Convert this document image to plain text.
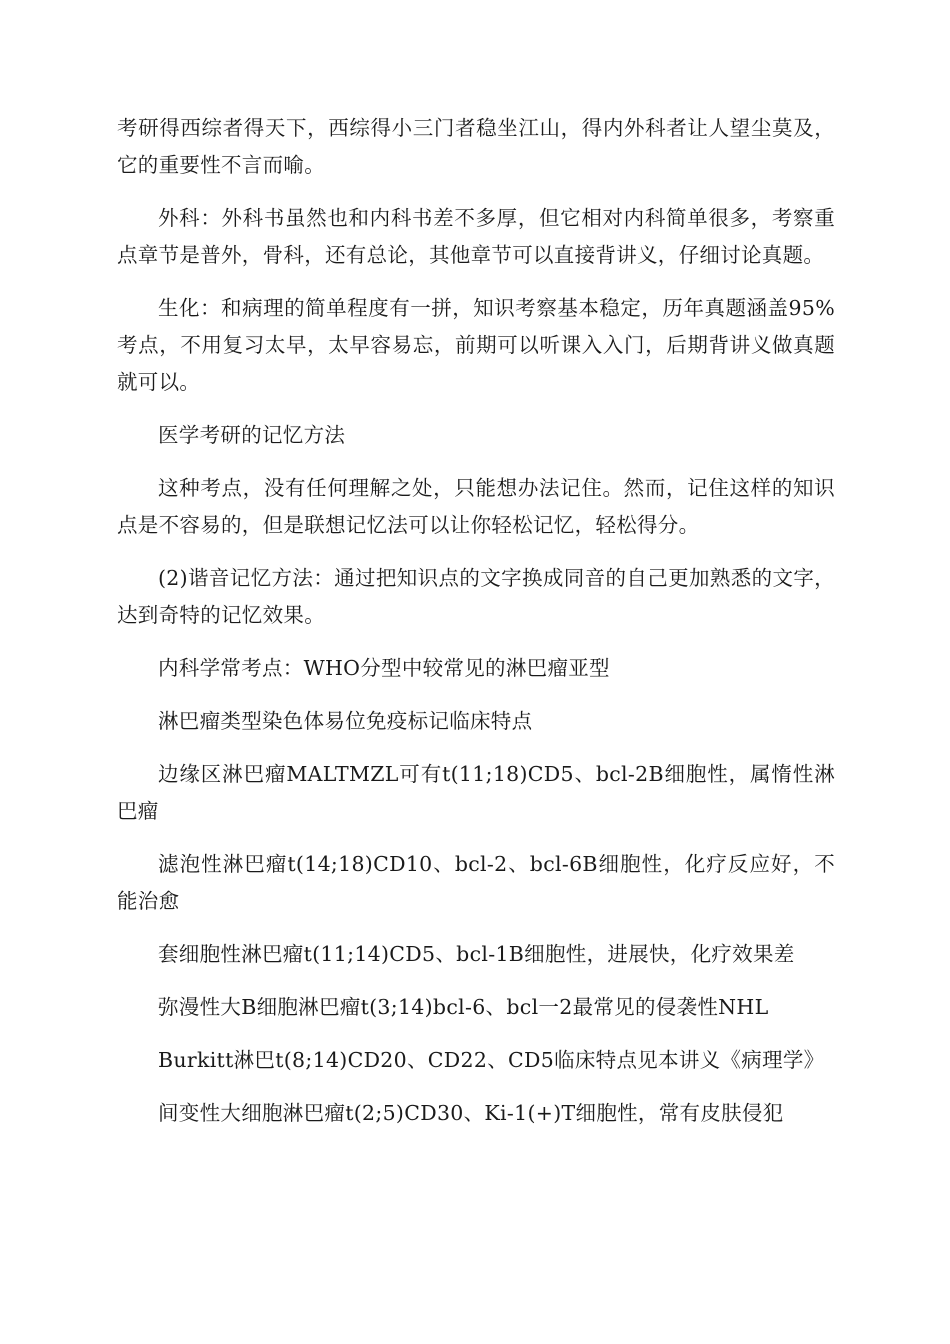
考研得西综者得天下，西综得小三门者稳坐江山，得内外科者让人望尘莫及，它的重要性不言而喻。

外科：外科书虽然也和内科书差不多厚，但它相对内科简单很多，考察重点章节是普外，骨科，还有总论，其他章节可以直接背讲义，仔细讨论真题。

生化：和病理的简单程度有一拼，知识考察基本稳定，历年真题涵盖95%考点，不用复习太早，太早容易忘，前期可以听课入入门，后期背讲义做真题就可以。

医学考研的记忆方法

这种考点，没有任何理解之处，只能想办法记住。然而，记住这样的知识点是不容易的，但是联想记忆法可以让你轻松记忆，轻松得分。

(2)谐音记忆方法：通过把知识点的文字换成同音的自己更加熟悉的文字，达到奇特的记忆效果。

内科学常考点：WHO分型中较常见的淋巴瘤亚型

淋巴瘤类型染色体易位免疫标记临床特点

边缘区淋巴瘤MALTMZL可有t(11;18)CD5、bcl-2B细胞性，属惰性淋巴瘤

滤泡性淋巴瘤t(14;18)CD10、bcl-2、bcl-6B细胞性，化疗反应好，不能治愈

套细胞性淋巴瘤t(11;14)CD5、bcl-1B细胞性，进展快，化疗效果差

弥漫性大B细胞淋巴瘤t(3;14)bcl-6、bcl一2最常见的侵袭性NHL

Burkitt淋巴t(8;14)CD20、CD22、CD5临床特点见本讲义《病理学》

间变性大细胞淋巴瘤t(2;5)CD30、Ki-1(+)T细胞性，常有皮肤侵犯
